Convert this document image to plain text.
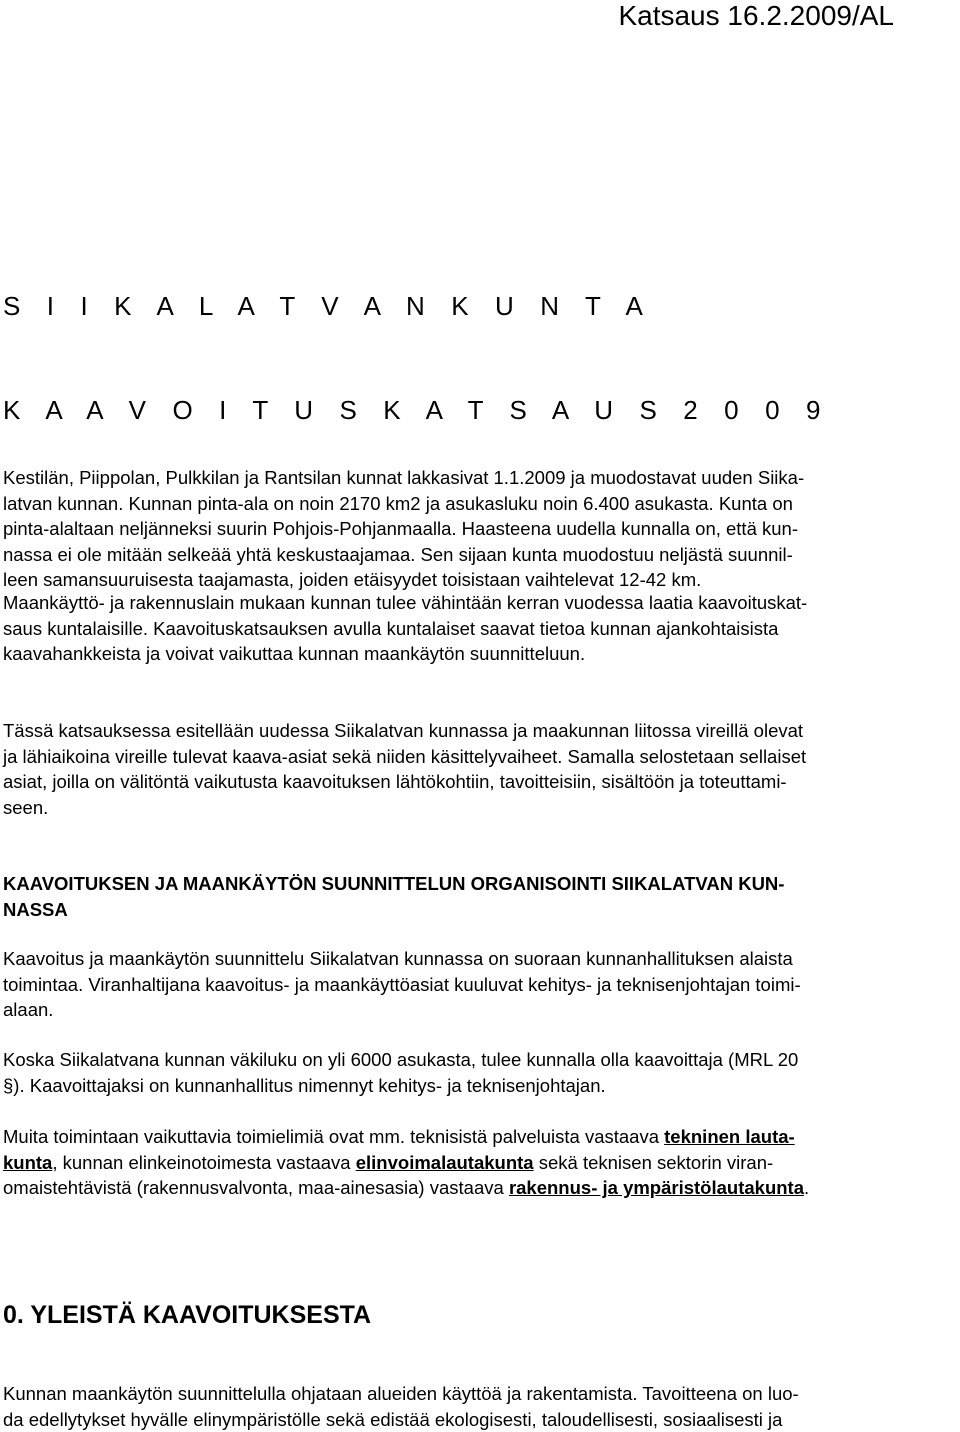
Katsaus 16.2.2009/AL
S I I K A L A T V A N K U N T A
K A A V O I T U S K A T S A U S 2 0 0 9
Kestilän, Piippolan, Pulkkilan ja Rantsilan kunnat lakkasivat 1.1.2009 ja muodostavat uuden Siika-
latvan kunnan. Kunnan pinta-ala on noin 2170 km2 ja asukasluku noin 6.400 asukasta. Kunta on
pinta-alaltaan neljänneksi suurin Pohjois-Pohjanmaalla. Haasteena uudella kunnalla on, että kun-
nassa ei ole mitään selkeää yhtä keskustaajamaa. Sen sijaan kunta muodostuu neljästä suunnil-
leen samansuuruisesta taajamasta, joiden etäisyydet toisistaan vaihtelevat 12-42 km.
Maankäyttö- ja rakennuslain mukaan kunnan tulee vähintään kerran vuodessa laatia kaavoituskat-
saus kuntalaisille. Kaavoituskatsauksen avulla kuntalaiset saavat tietoa kunnan ajankohtaisista
kaavahankkeista ja voivat vaikuttaa kunnan maankäytön suunnitteluun.
Tässä katsauksessa esitellään uudessa Siikalatvan kunnassa ja maakunnan liitossa vireillä olevat
ja lähiaikoina vireille tulevat kaava-asiat sekä niiden käsittelyvaiheet. Samalla selostetaan sellaiset
asiat, joilla on välitöntä vaikutusta kaavoituksen lähtökohtiin, tavoitteisiin, sisältöön ja toteuttami-
seen.
KAAVOITUKSEN JA MAANKÄYTÖN SUUNNITTELUN ORGANISOINTI SIIKALATVAN KUN-
NASSA
Kaavoitus ja maankäytön suunnittelu Siikalatvan kunnassa on suoraan kunnanhallituksen alaista
toimintaa. Viranhaltijana kaavoitus- ja maankäyttöasiat kuuluvat kehitys- ja teknisenjohtajan toimi-
alaan.
Koska Siikalatvana kunnan väkiluku on yli 6000 asukasta, tulee kunnalla olla kaavoittaja (MRL 20
§). Kaavoittajaksi on kunnanhallitus nimennyt kehitys- ja teknisenjohtajan.
Muita toimintaan vaikuttavia toimielimiä ovat mm. teknisistä palveluista vastaava tekninen lauta-
kunta, kunnan elinkeinotoimesta vastaava elinvoimalautakunta sekä teknisen sektorin viran-
omaistehtävistä (rakennusvalvonta, maa-ainesasia) vastaava rakennus- ja ympäristölautakunta.
0. YLEISTÄ KAAVOITUKSESTA
Kunnan maankäytön suunnittelulla ohjataan alueiden käyttöä ja rakentamista. Tavoitteena on luo-
da edellytykset hyvälle elinympäristölle sekä edistää ekologisesti, taloudellisesti, sosiaalisesti ja
